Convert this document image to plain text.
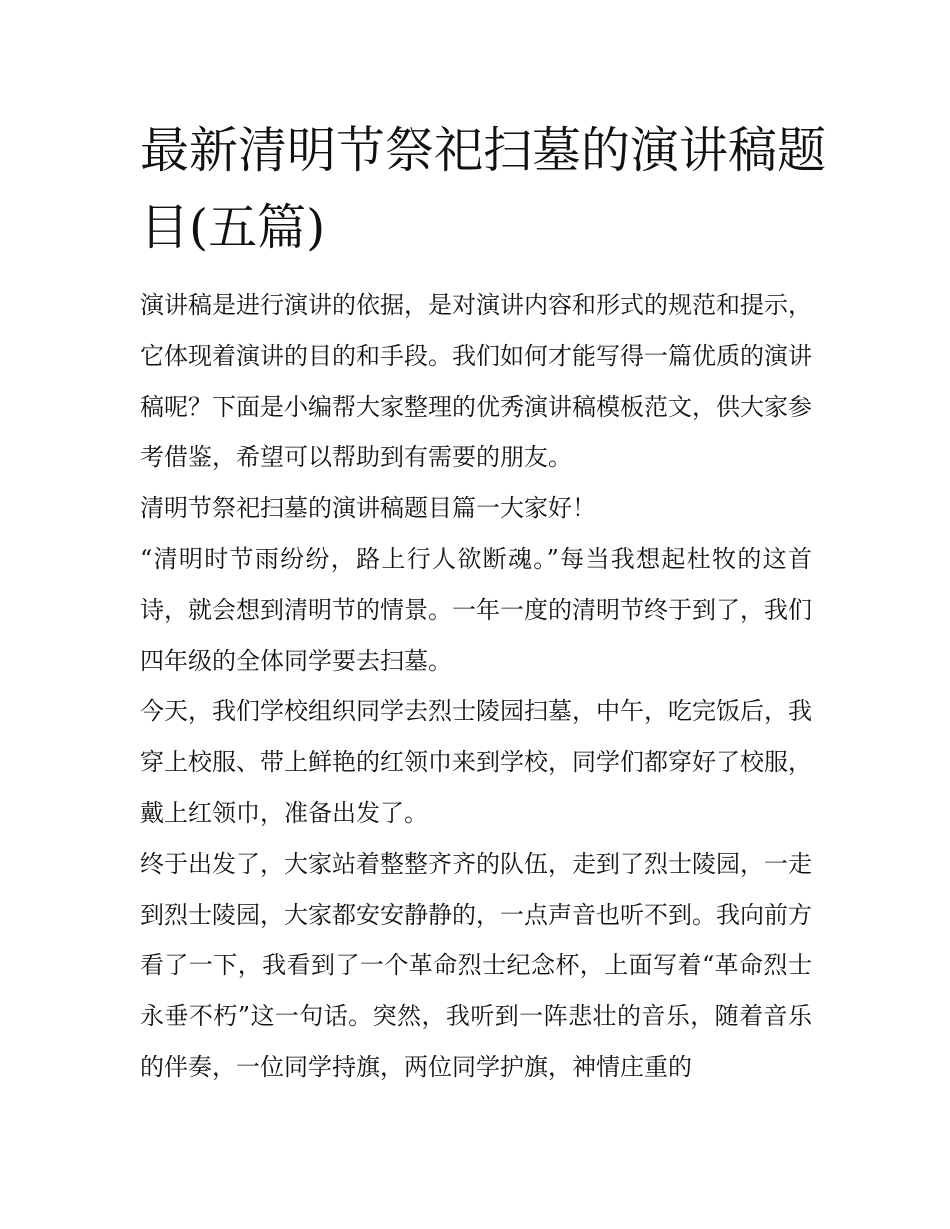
最新清明节祭祀扫墓的演讲稿题目(五篇)

演讲稿是进行演讲的依据，是对演讲内容和形式的规范和提示，它体现着演讲的目的和手段。我们如何才能写得一篇优质的演讲稿呢？下面是小编帮大家整理的优秀演讲稿模板范文，供大家参考借鉴，希望可以帮助到有需要的朋友。

清明节祭祀扫墓的演讲稿题目篇一大家好！

“清明时节雨纷纷，路上行人欲断魂。”每当我想起杜牧的这首诗，就会想到清明节的情景。一年一度的清明节终于到了，我们四年级的全体同学要去扫墓。

今天，我们学校组织同学去烈士陵园扫墓，中午，吃完饭后，我穿上校服、带上鲜艳的红领巾来到学校，同学们都穿好了校服，戴上红领巾，准备出发了。

终于出发了，大家站着整整齐齐的队伍，走到了烈士陵园，一走到烈士陵园，大家都安安静静的，一点声音也听不到。我向前方看了一下，我看到了一个革命烈士纪念杯，上面写着“革命烈士永垂不朽”这一句话。突然，我听到一阵悲壮的音乐，随着音乐的伴奏，一位同学持旗，两位同学护旗，神情庄重的
